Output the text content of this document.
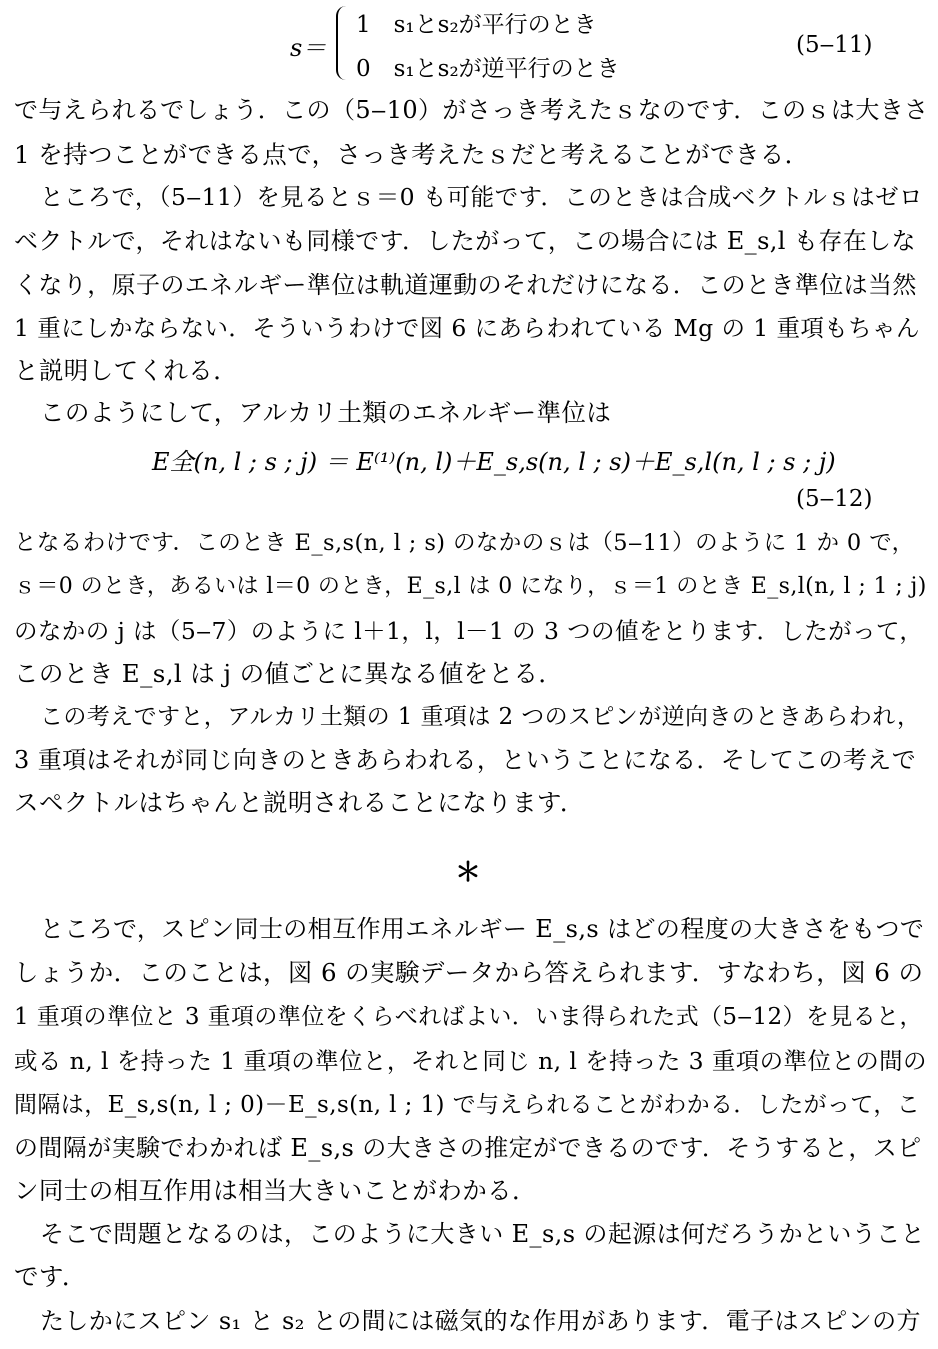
s＝
1　s₁とs₂が平行のとき
0　s₁とs₂が逆平行のとき
(5‒11)
で与えられるでしょう．この（5‒10）がさっき考えたｓなのです．このｓは大きさ
1 を持つことができる点で，さっき考えたｓだと考えることができる．
ところで，（5‒11）を見るとｓ＝0 も可能です．このときは合成ベクトルｓはゼロ
ベクトルで，それはないも同様です．したがって，この場合には E_s,l も存在しな
くなり，原子のエネルギー準位は軌道運動のそれだけになる．このとき準位は当然
1 重にしかならない．そういうわけで図 6 にあらわれている Mg の 1 重項もちゃん
と説明してくれる．
このようにして，アルカリ土類のエネルギー準位は
E全(n, l ; s ; j) ＝ E⁽¹⁾(n, l)＋E_s,s(n, l ; s)＋E_s,l(n, l ; s ; j)
(5‒12)
となるわけです．このとき E_s,s(n, l ; s) のなかのｓは（5‒11）のように 1 か 0 で，
ｓ＝0 のとき，あるいは l＝0 のとき，E_s,l は 0 になり，ｓ＝1 のとき E_s,l(n, l ; 1 ; j)
のなかの j は（5‒7）のように l＋1，l，l－1 の 3 つの値をとります．したがって，
このとき E_s,l は j の値ごとに異なる値をとる．
この考えですと，アルカリ土類の 1 重項は 2 つのスピンが逆向きのときあらわれ，
3 重項はそれが同じ向きのときあらわれる，ということになる．そしてこの考えで
スペクトルはちゃんと説明されることになります．
＊
ところで，スピン同士の相互作用エネルギー E_s,s はどの程度の大きさをもつで
しょうか．このことは，図 6 の実験データから答えられます．すなわち，図 6 の
1 重項の準位と 3 重項の準位をくらべればよい．いま得られた式（5‒12）を見ると，
或る n, l を持った 1 重項の準位と，それと同じ n, l を持った 3 重項の準位との間の
間隔は，E_s,s(n, l ; 0)－E_s,s(n, l ; 1) で与えられることがわかる．したがって，こ
の間隔が実験でわかれば E_s,s の大きさの推定ができるのです．そうすると，スピ
ン同士の相互作用は相当大きいことがわかる．
そこで問題となるのは，このように大きい E_s,s の起源は何だろうかということ
です．
たしかにスピン s₁ と s₂ との間には磁気的な作用があります．電子はスピンの方
